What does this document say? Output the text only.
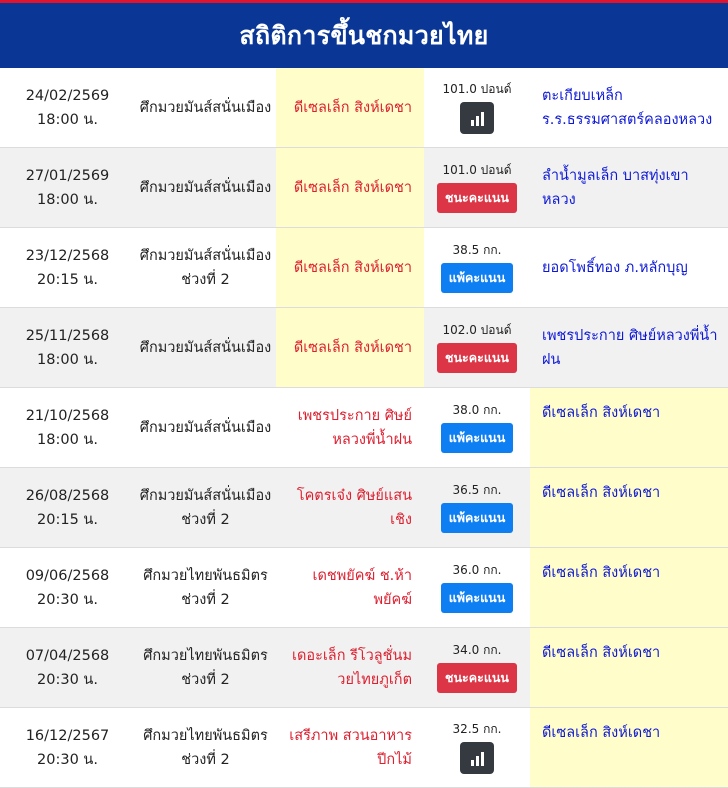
สถิติการขึ้นชกมวยไทย
24/02/2569
18:00 น.
ศึกมวยมันส์สนั่นเมือง ดีเซลเล็ก สิงห์เดชา
101.0 ปอนด์ ตะเกียบเหล็ก ร.ร.ธรรมศาสตร์คลองหลวง
27/01/2569
18:00 น.
ศึกมวยมันส์สนั่นเมือง ดีเซลเล็ก สิงห์เดชา
101.0 ปอนด์
ชนะคะแนน
ลำน้ำมูลเล็ก บาสทุ่งเขาหลวง
23/12/2568
20:15 น.
ศึกมวยมันส์สนั่นเมือง ช่วงที่ 2
ดีเซลเล็ก สิงห์เดชา
38.5 กก.
แพ้คะแนน
ยอดโพธิ์ทอง ภ.หลักบุญ
25/11/2568
18:00 น.
ศึกมวยมันส์สนั่นเมือง ดีเซลเล็ก สิงห์เดชา
102.0 ปอนด์
ชนะคะแนน
เพชรประกาย ศิษย์หลวงพี่น้ำฝน
21/10/2568
18:00 น.
ศึกมวยมันส์สนั่นเมือง
เพชรประกาย ศิษย์หลวงพี่น้ำฝน
38.0 กก.
แพ้คะแนน
ดีเซลเล็ก สิงห์เดชา
26/08/2568
20:15 น.
ศึกมวยมันส์สนั่นเมือง ช่วงที่ 2
โคตรเจ๋ง ศิษย์แสนเชิง
36.5 กก.
แพ้คะแนน
ดีเซลเล็ก สิงห์เดชา
09/06/2568
20:30 น.
ศึกมวยไทยพันธมิตร ช่วงที่ 2
เดชพยัคฆ์ ช.ห้าพยัคฆ์
36.0 กก.
แพ้คะแนน
ดีเซลเล็ก สิงห์เดชา
07/04/2568
20:30 น.
ศึกมวยไทยพันธมิตร ช่วงที่ 2
เดอะเล็ก รีโวลูชั่นมวยไทยภูเก็ต
34.0 กก.
ชนะคะแนน
ดีเซลเล็ก สิงห์เดชา
16/12/2567
20:30 น.
ศึกมวยไทยพันธมิตร ช่วงที่ 2
เสรีภาพ สวนอาหารปีกไม้
32.5 กก.	ดีเซลเล็ก สิงห์เดชา
